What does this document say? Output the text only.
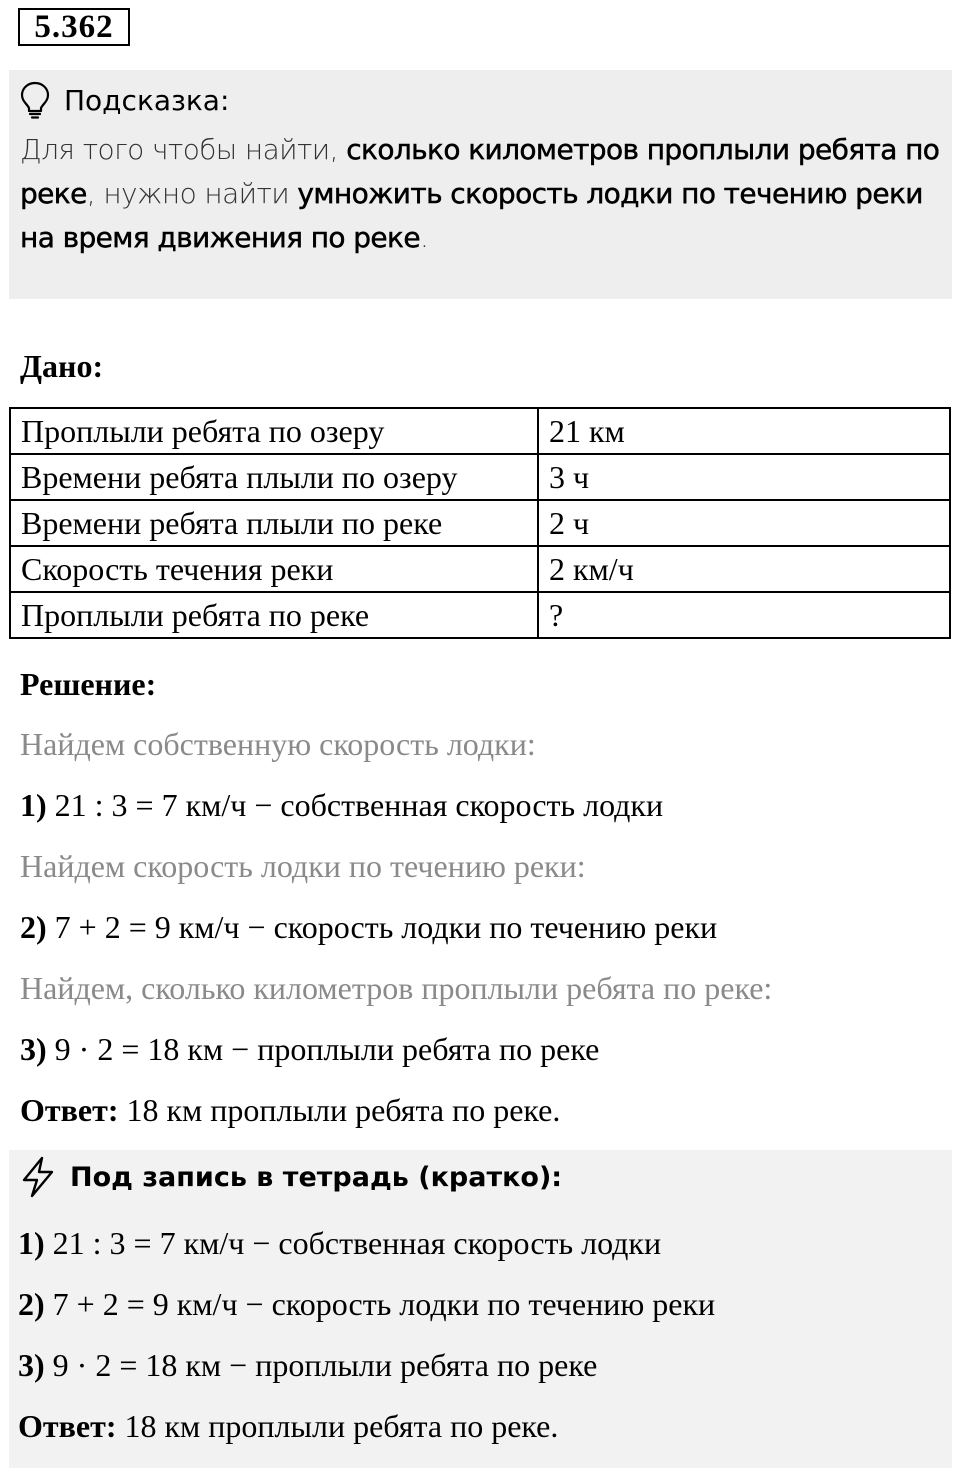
5.362
Подсказка:
Для того чтобы найти, сколько километров проплыли ребята по реке, нужно найти умножить скорость лодки по течению реки на время движения по реке.
Дано:
Проплыли ребята по озеру	21 км
Времени ребята плыли по озеру	3 ч
Времени ребята плыли по реке	2 ч
Скорость течения реки	2 км/ч
Проплыли ребята по реке	?
Решение:
Найдем собственную скорость лодки:
1) 21 : 3 = 7 км/ч − собственная скорость лодки
Найдем скорость лодки по течению реки:
2) 7 + 2 = 9 км/ч − скорость лодки по течению реки
Найдем, сколько километров проплыли ребята по реке:
3) 9 · 2 = 18 км − проплыли ребята по реке
Ответ: 18 км проплыли ребята по реке.
Под запись в тетрадь (кратко):
1) 21 : 3 = 7 км/ч − собственная скорость лодки
2) 7 + 2 = 9 км/ч − скорость лодки по течению реки
3) 9 · 2 = 18 км − проплыли ребята по реке
Ответ: 18 км проплыли ребята по реке.
